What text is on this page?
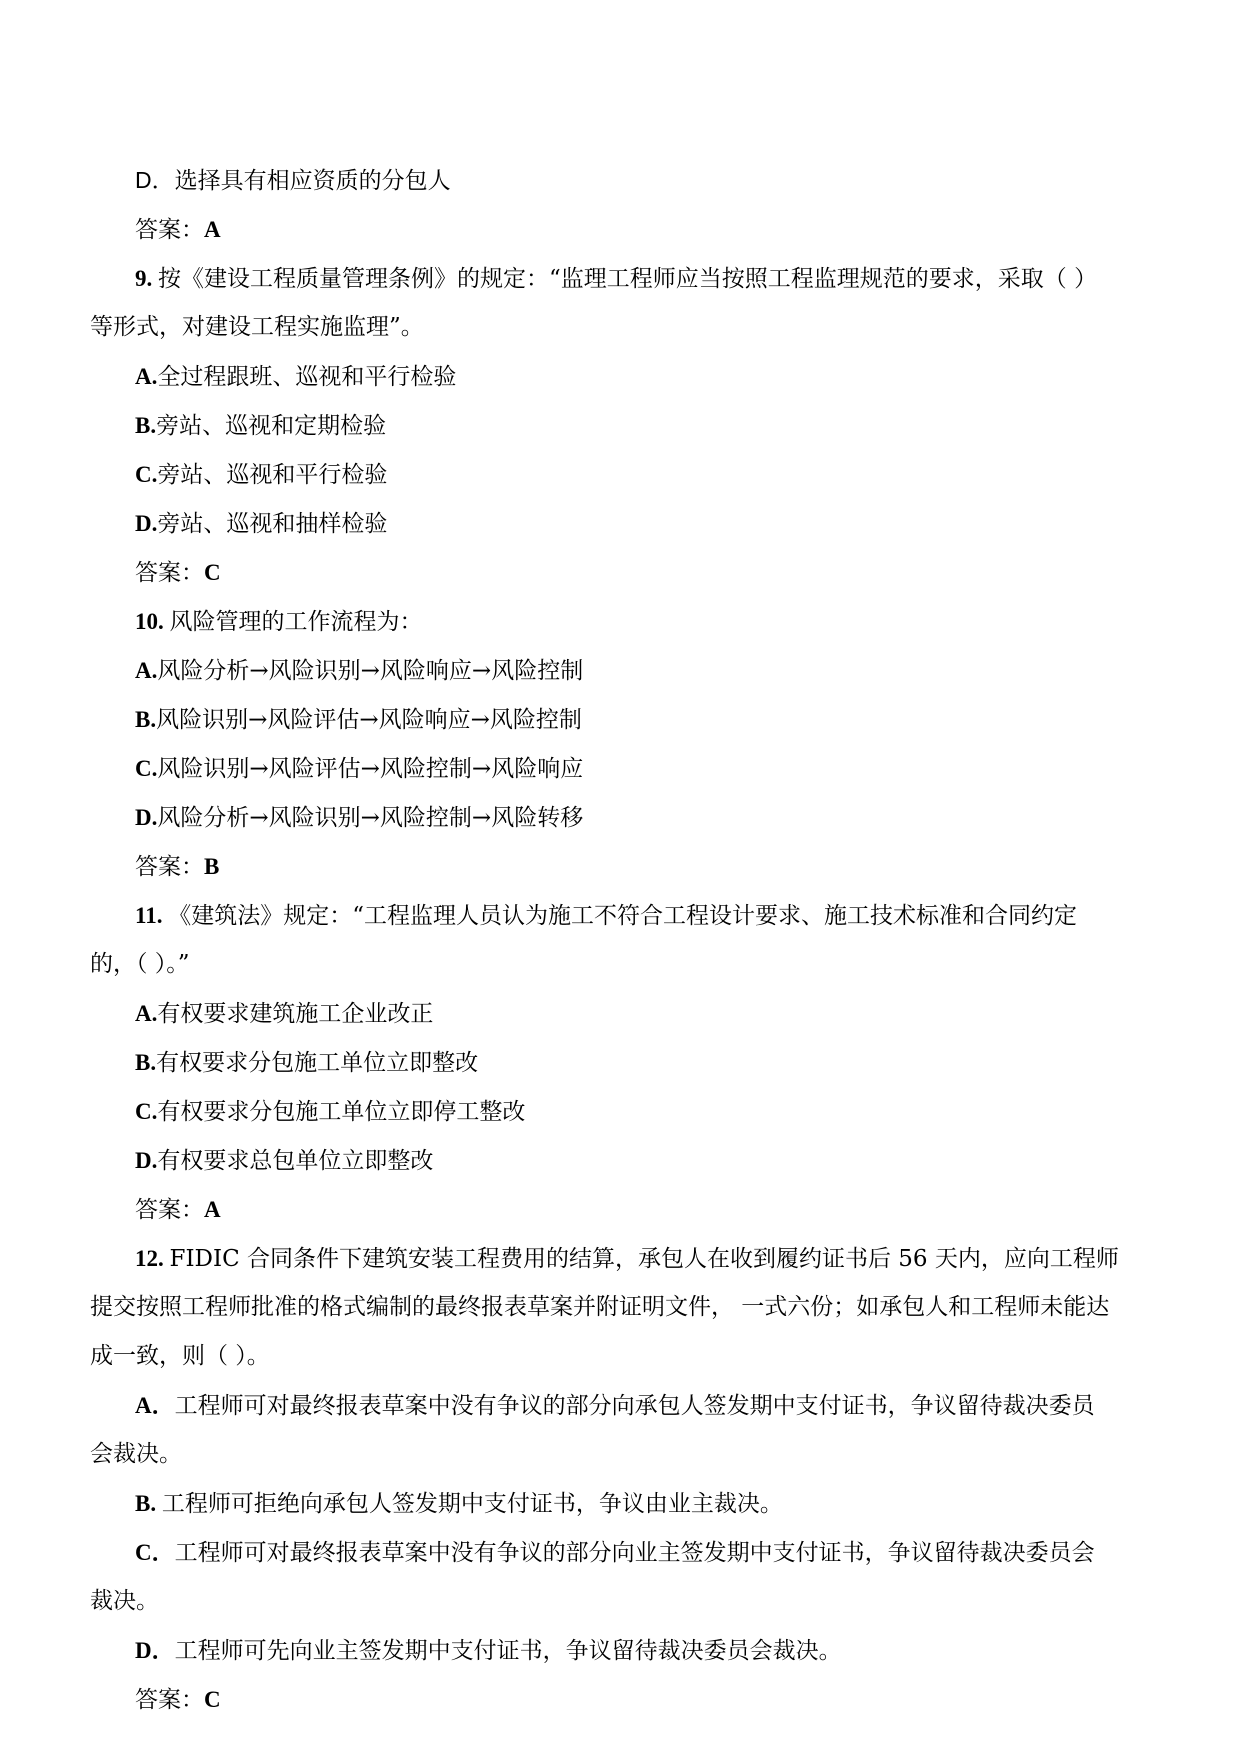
D．选择具有相应资质的分包人
答案：A
9. 按《建设工程质量管理条例》的规定：“监理工程师应当按照工程监理规范的要求，采取（ ）
等形式，对建设工程实施监理”。
A.全过程跟班、巡视和平行检验
B.旁站、巡视和定期检验
C.旁站、巡视和平行检验
D.旁站、巡视和抽样检验
答案：C
10. 风险管理的工作流程为：
A.风险分析→风险识别→风险响应→风险控制
B.风险识别→风险评估→风险响应→风险控制
C.风险识别→风险评估→风险控制→风险响应
D.风险分析→风险识别→风险控制→风险转移
答案：B
11. 《建筑法》规定：“工程监理人员认为施工不符合工程设计要求、施工技术标准和合同约定
的，（ ）。”
A.有权要求建筑施工企业改正
B.有权要求分包施工单位立即整改
C.有权要求分包施工单位立即停工整改
D.有权要求总包单位立即整改
答案：A
12. FIDIC 合同条件下建筑安装工程费用的结算，承包人在收到履约证书后 56 天内，应向工程师
提交按照工程师批准的格式编制的最终报表草案并附证明文件， 一式六份；如承包人和工程师未能达
成一致，则（ ）。
A．工程师可对最终报表草案中没有争议的部分向承包人签发期中支付证书，争议留待裁决委员
会裁决。
B. 工程师可拒绝向承包人签发期中支付证书，争议由业主裁决。
C．工程师可对最终报表草案中没有争议的部分向业主签发期中支付证书，争议留待裁决委员会
裁决。
D．工程师可先向业主签发期中支付证书，争议留待裁决委员会裁决。
答案：C
